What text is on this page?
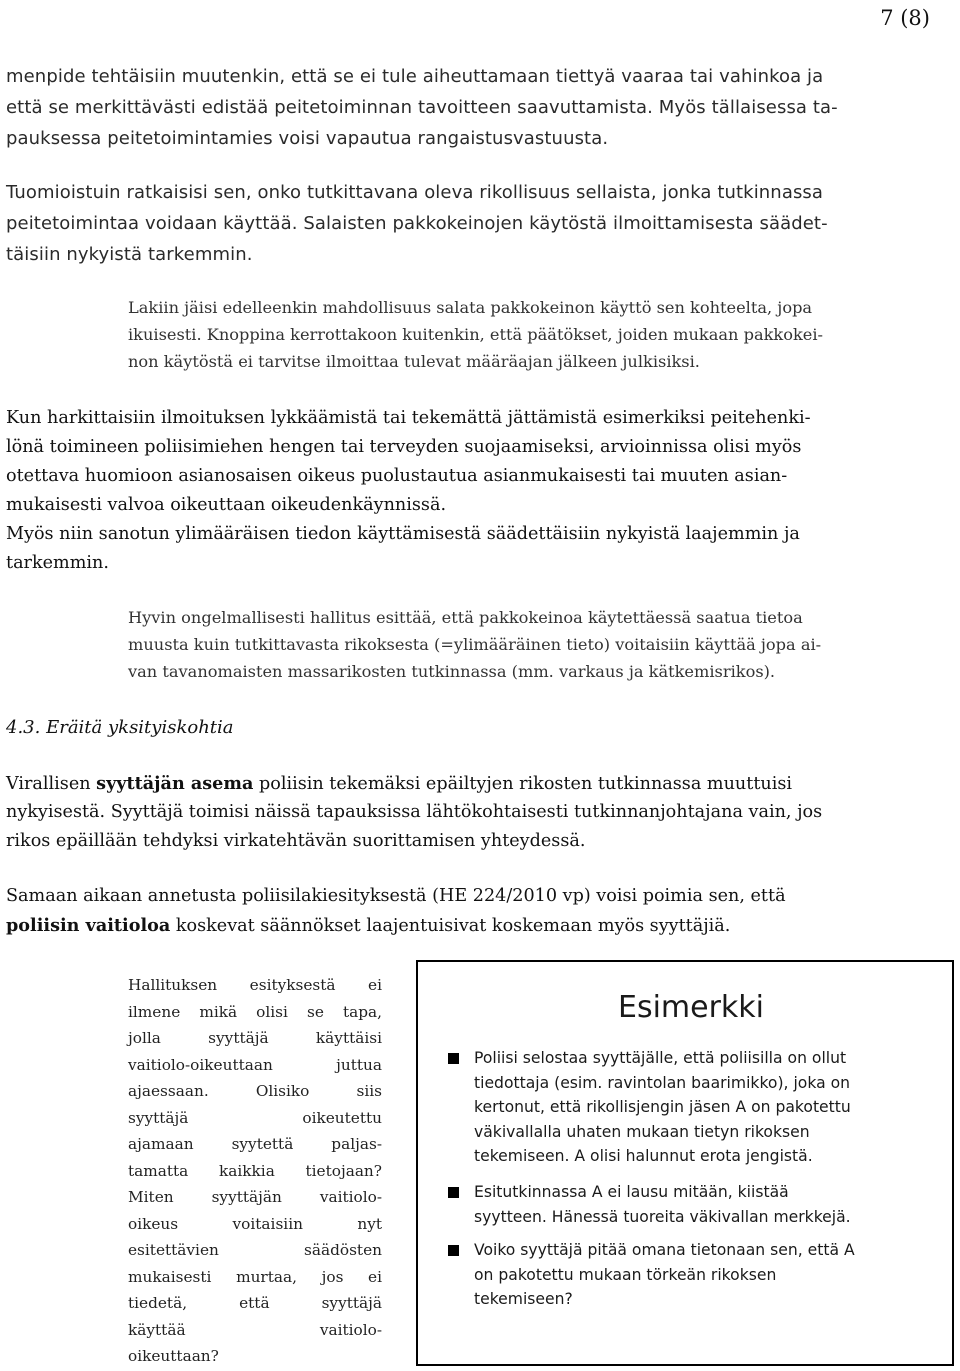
7 (8)
menpide tehtäisiin muutenkin, että se ei tule aiheuttamaan tiettyä vaaraa tai vahinkoa ja
että se merkittävästi edistää peitetoiminnan tavoitteen saavuttamista. Myös tällaisessa ta-
pauksessa peitetoimintamies voisi vapautua rangaistusvastuusta.
Tuomioistuin ratkaisisi sen, onko tutkittavana oleva rikollisuus sellaista, jonka tutkinnassa
peitetoimintaa voidaan käyttää. Salaisten pakkokeinojen käytöstä ilmoittamisesta säädet-
täisiin nykyistä tarkemmin.
Lakiin jäisi edelleenkin mahdollisuus salata pakkokeinon käyttö sen kohteelta, jopa
ikuisesti. Knoppina kerrottakoon kuitenkin, että päätökset, joiden mukaan pakkokei-
non käytöstä ei tarvitse ilmoittaa tulevat määräajan jälkeen julkisiksi.
Kun harkittaisiin ilmoituksen lykkäämistä tai tekemättä jättämistä esimerkiksi peitehenki-
lönä toimineen poliisimiehen hengen tai terveyden suojaamiseksi, arvioinnissa olisi myös
otettava huomioon asianosaisen oikeus puolustautua asianmukaisesti tai muuten asian-
mukaisesti valvoa oikeuttaan oikeudenkäynnissä.
Myös niin sanotun ylimääräisen tiedon käyttämisestä säädettäisiin nykyistä laajemmin ja
tarkemmin.
Hyvin ongelmallisesti hallitus esittää, että pakkokeinoa käytettäessä saatua tietoa
muusta kuin tutkittavasta rikoksesta (=ylimääräinen tieto) voitaisiin käyttää jopa ai-
van tavanomaisten massarikosten tutkinnassa (mm. varkaus ja kätkemisrikos).
4.3. Eräitä yksityiskohtia
Virallisen syyttäjän asema poliisin tekemäksi epäiltyjen rikosten tutkinnassa muuttuisi
nykyisestä. Syyttäjä toimisi näissä tapauksissa lähtökohtaisesti tutkinnanjohtajana vain, jos
rikos epäillään tehdyksi virkatehtävän suorittamisen yhteydessä.
Samaan aikaan annetusta poliisilakiesityksestä (HE 224/2010 vp) voisi poimia sen, että
poliisin vaitioloa koskevat säännökset laajentuisivat koskemaan myös syyttäjiä.
Hallituksen esityksestä ei
ilmene mikä olisi se tapa,
jolla syyttäjä käyttäisi
vaitiolo-oikeuttaan juttua
ajaessaan. Olisiko siis
syyttäjä oikeutettu
ajamaan syytettä paljas-
tamatta kaikkia tietojaan?
Miten syyttäjän vaitiolo-
oikeus voitaisiin nyt
esitettävien säädösten
mukaisesti murtaa, jos ei
tiedetä, että syyttäjä
käyttää vaitiolo-
oikeuttaan?
Esimerkki
Poliisi selostaa syyttäjälle, että poliisilla on ollut
tiedottaja (esim. ravintolan baarimikko), joka on
kertonut, että rikollisjengin jäsen A on pakotettu
väkivallalla uhaten mukaan tietyn rikoksen
tekemiseen. A olisi halunnut erota jengistä.
Esitutkinnassa A ei lausu mitään, kiistää
syytteen. Hänessä tuoreita väkivallan merkkejä.
Voiko syyttäjä pitää omana tietonaan sen, että A
on pakotettu mukaan törkeän rikoksen
tekemiseen?
